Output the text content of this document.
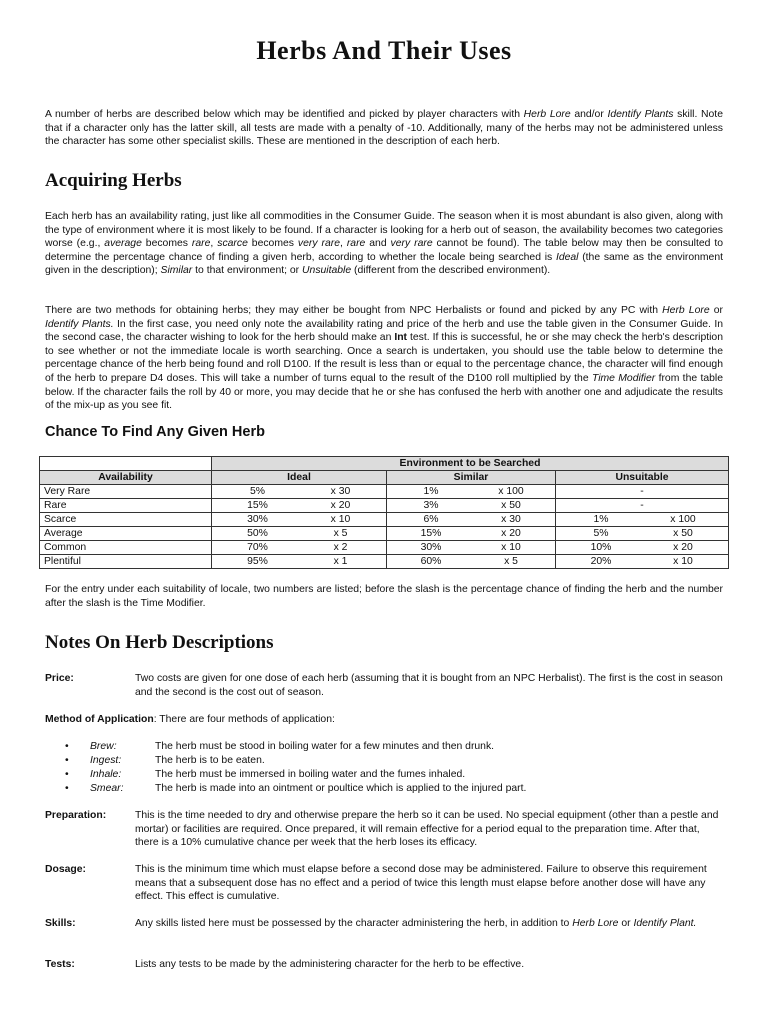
Herbs And Their Uses

A number of herbs are described below which may be identified and picked by player characters with Herb Lore and/or Identify Plants skill. Note that if a character only has the latter skill, all tests are made with a penalty of -10. Additionally, many of the herbs may not be administered unless the character has some other specialist skills. These are mentioned in the description of each herb.

Acquiring Herbs

Each herb has an availability rating, just like all commodities in the Consumer Guide. The season when it is most abundant is also given, along with the type of environment where it is most likely to be found. If a character is looking for a herb out of season, the availability becomes two categories worse (e.g., average becomes rare, scarce becomes very rare, rare and very rare cannot be found). The table below may then be consulted to determine the percentage chance of finding a given herb, according to whether the locale being searched is Ideal (the same as the environment given in the description); Similar to that environment; or Unsuitable (different from the described environment).

There are two methods for obtaining herbs; they may either be bought from NPC Herbalists or found and picked by any PC with Herb Lore or Identify Plants. In the first case, you need only note the availability rating and price of the herb and use the table given in the Consumer Guide. In the second case, the character wishing to look for the herb should make an Int test. If this is successful, he or she may check the herb's description to see whether or not the immediate locale is worth searching. Once a search is undertaken, you should use the table below to determine the percentage chance of the herb being found and roll D100. If the result is less than or equal to the percentage chance, the character will find enough of the herb to prepare D4 doses. This will take a number of turns equal to the result of the D100 roll multiplied by the Time Modifier from the table below. If the character fails the roll by 40 or more, you may decide that he or she has confused the herb with another one and adjudicate the results of the mix-up as you see fit.

Chance To Find Any Given Herb
	Environment to be Searched		
Availability	Ideal	Similar	Unsuitable
Very Rare	5% x 30	1% x 100	-
Rare	15% x 20	3% x 50	-
Scarce	30% x 10	6% x 30	1% x 100

Average	50% x 5	15% x 20	5% x 50

Common	70% x 2	30% x 10	10% x 20

Plentiful	95% x 1	60% x 5	20% x 10

For the entry under each suitability of locale, two numbers are listed; before the slash is the percentage chance of finding the herb and the number after the slash is the Time Modifier.

Notes On Herb Descriptions
Price:	Two costs are given for one dose of each herb (assuming that it is bought from an NPC Herbalist). The first is the cost in season and the second is the cost out of season.
Method of Application: There are four methods of application:
• Brew:	The herb must be stood in boiling water for a few minutes and then drunk.
• Ingest:	The herb is to be eaten.
• Inhale:	The herb must be immersed in boiling water and the fumes inhaled.
• Smear:	The herb is made into an ointment or poultice which is applied to the injured part.
Preparation:	This is the time needed to dry and otherwise prepare the herb so it can be used. No special equipment (other than a pestle and mortar) or facilities are required. Once prepared, it will remain effective for a period equal to the preparation time. After that, there is a 10% cumulative chance per week that the herb loses its efficacy.
Dosage:	This is the minimum time which must elapse before a second dose may be administered. Failure to observe this requirement means that a subsequent dose has no effect and a period of twice this length must elapse before another dose will have any effect. This effect is cumulative.
Skills:	Any skills listed here must be possessed by the character administering the herb, in addition to Herb Lore or Identify Plant.
Tests:	Lists any tests to be made by the administering character for the herb to be effective.
